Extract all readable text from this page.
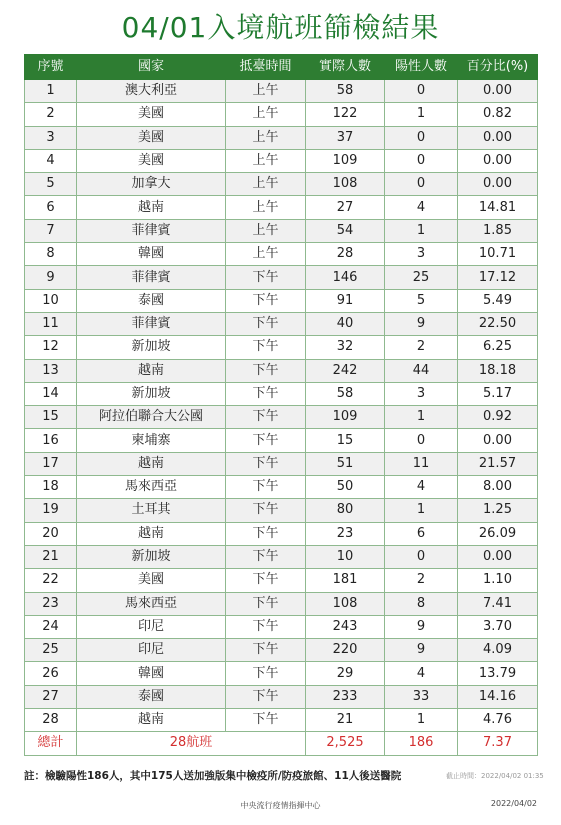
04/01入境航班篩檢結果
序號	國家	抵臺時間	實際人數	陽性人數	百分比(%)
1	澳大利亞	上午	58	0	0.00
2	美國	上午	122	1	0.82
3	美國	上午	37	0	0.00
4	美國	上午	109	0	0.00
5	加拿大	上午	108	0	0.00
6	越南	上午	27	4	14.81
7	菲律賓	上午	54	1	1.85
8	韓國	上午	28	3	10.71
9	菲律賓	下午	146	25	17.12
10	泰國	下午	91	5	5.49
11	菲律賓	下午	40	9	22.50
12	新加坡	下午	32	2	6.25
13	越南	下午	242	44	18.18
14	新加坡	下午	58	3	5.17
15	阿拉伯聯合大公國	下午	109	1	0.92
16	柬埔寨	下午	15	0	0.00
17	越南	下午	51	11	21.57
18	馬來西亞	下午	50	4	8.00
19	土耳其	下午	80	1	1.25
20	越南	下午	23	6	26.09
21	新加坡	下午	10	0	0.00
22	美國	下午	181	2	1.10
23	馬來西亞	下午	108	8	7.41
24	印尼	下午	243	9	3.70
25	印尼	下午	220	9	4.09
26	韓國	下午	29	4	13.79
27	泰國	下午	233	33	14.16
28	越南	下午	21	1	4.76
總計	28航班		2,525	186	7.37
註：檢驗陽性186人，其中175人送加強版集中檢疫所/防疫旅館、11人後送醫院	截止時間：2022/04/02 01:35
中央流行疫情指揮中心	2022/04/02
